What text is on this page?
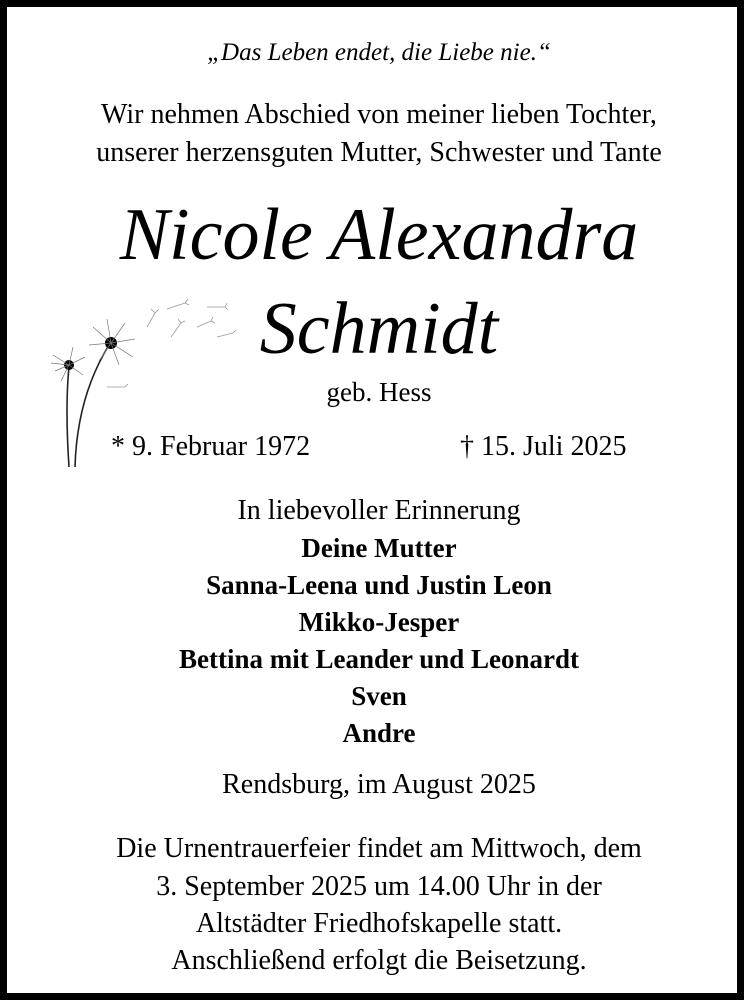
„Das Leben endet, die Liebe nie.“
Wir nehmen Abschied von meiner lieben Tochter,
unserer herzensguten Mutter, Schwester und Tante
Nicole Alexandra
Schmidt
geb. Hess
* 9. Februar 1972	† 15. Juli 2025
In liebevoller Erinnerung
Deine Mutter
Sanna-Leena und Justin Leon
Mikko-Jesper
Bettina mit Leander und Leonardt
Sven
Andre
Rendsburg, im August 2025
Die Urnentrauerfeier findet am Mittwoch, dem
3. September 2025 um 14.00 Uhr in der
Altstädter Friedhofskapelle statt.
Anschließend erfolgt die Beisetzung.
